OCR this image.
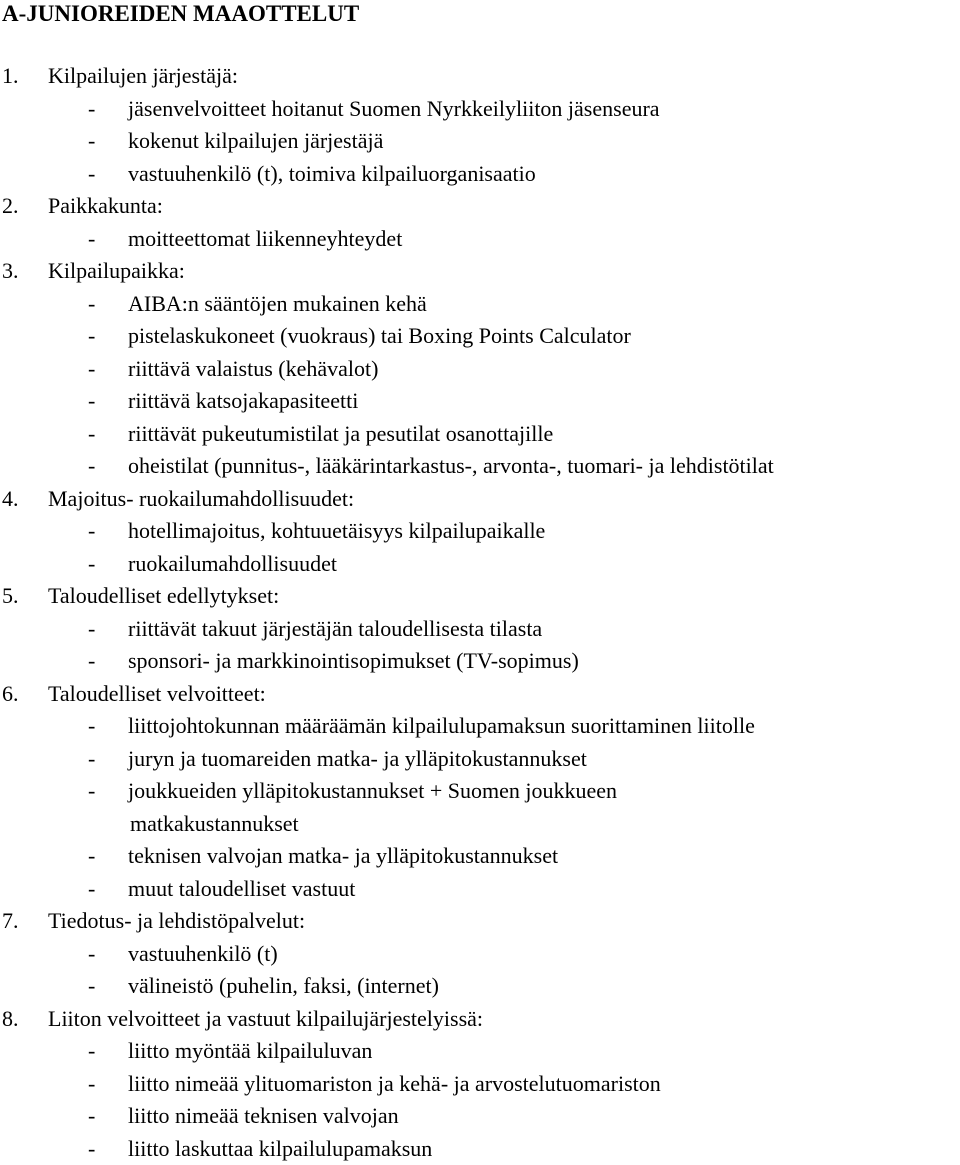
A-JUNIOREIDEN MAAOTTELUT
1. Kilpailujen järjestäjä:
- jäsenvelvoitteet hoitanut Suomen Nyrkkeilyliiton jäsenseura
- kokenut kilpailujen järjestäjä
- vastuuhenkilö (t), toimiva kilpailuorganisaatio
2. Paikkakunta:
- moitteettomat liikenneyhteydet
3. Kilpailupaikka:
- AIBA:n sääntöjen mukainen kehä
- pistelaskukoneet (vuokraus) tai Boxing Points Calculator
- riittävä valaistus (kehävalot)
- riittävä katsojakapasiteetti
- riittävät pukeutumistilat ja pesutilat osanottajille
- oheistilat (punnitus-, lääkärintarkastus-, arvonta-, tuomari- ja lehdistötilat
4. Majoitus- ruokailumahdollisuudet:
- hotellimajoitus, kohtuuetäisyys kilpailupaikalle
- ruokailumahdollisuudet
5. Taloudelliset edellytykset:
- riittävät takuut järjestäjän taloudellisesta tilasta
- sponsori- ja markkinointisopimukset (TV-sopimus)
6. Taloudelliset velvoitteet:
- liittojohtokunnan määräämän kilpailulupamaksun suorittaminen liitolle
- juryn ja tuomareiden matka- ja ylläpitokustannukset
- joukkueiden ylläpitokustannukset + Suomen joukkueen
matkakustannukset
- teknisen valvojan matka- ja ylläpitokustannukset
- muut taloudelliset vastuut
7. Tiedotus- ja lehdistöpalvelut:
- vastuuhenkilö (t)
- välineistö (puhelin, faksi, (internet)
8. Liiton velvoitteet ja vastuut kilpailujärjestelyissä:
- liitto myöntää kilpailuluvan
- liitto nimeää ylituomariston ja kehä- ja arvostelutuomariston
- liitto nimeää teknisen valvojan
- liitto laskuttaa kilpailulupamaksun
